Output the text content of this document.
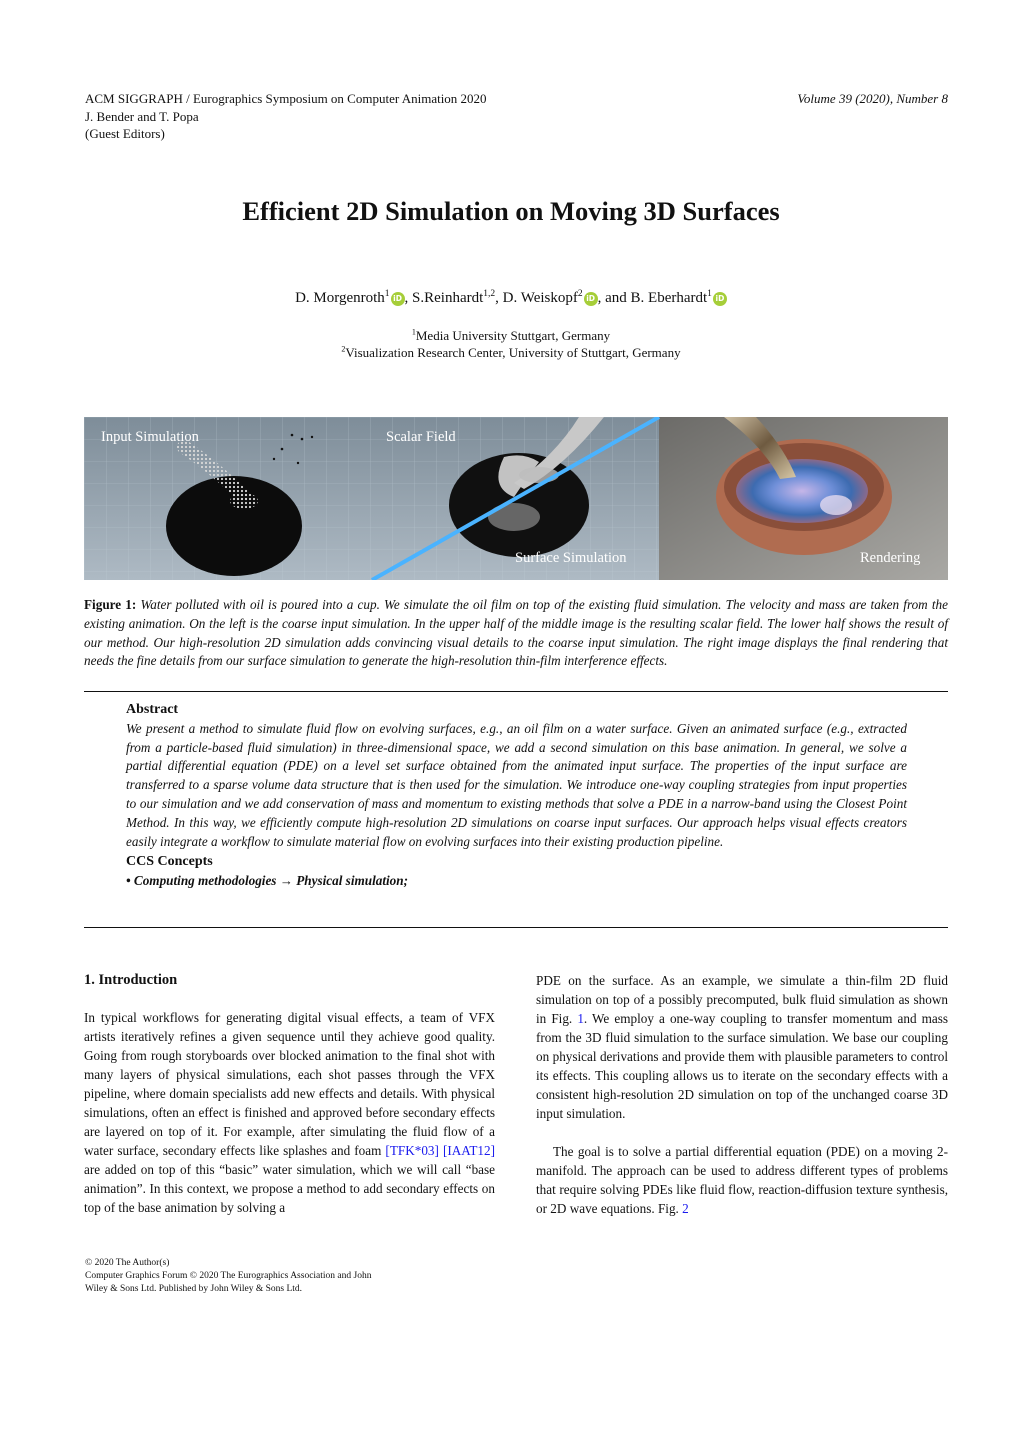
ACM SIGGRAPH / Eurographics Symposium on Computer Animation 2020
J. Bender and T. Popa
(Guest Editors)
Volume 39 (2020), Number 8
Efficient 2D Simulation on Moving 3D Surfaces
D. Morgenroth$^1$ iD , S.Reinhardt$^{1,2}$, D. Weiskopf$^2$ iD , and B. Eberhardt$^1$ iD
$^1$Media University Stuttgart, Germany
$^2$Visualization Research Center, University of Stuttgart, Germany
Input Simulation	Scalar Field
Surface Simulation	Rendering
Figure 1: Water polluted with oil is poured into a cup. We simulate the oil film on top of the existing fluid simulation. The velocity and mass are taken from the existing animation. On the left is the coarse input simulation. In the upper half of the middle image is the resulting scalar field. The lower half shows the result of our method. Our high-resolution 2D simulation adds convincing visual details to the coarse input simulation. The right image displays the final rendering that needs the fine details from our surface simulation to generate the high-resolution thin-film interference effects.
Abstract
We present a method to simulate fluid flow on evolving surfaces, e.g., an oil film on a water surface. Given an animated surface (e.g., extracted from a particle-based fluid simulation) in three-dimensional space, we add a second simulation on this base animation. In general, we solve a partial differential equation (PDE) on a level set surface obtained from the animated input surface. The properties of the input surface are transferred to a sparse volume data structure that is then used for the simulation. We introduce one-way coupling strategies from input properties to our simulation and we add conservation of mass and momentum to existing methods that solve a PDE in a narrow-band using the Closest Point Method. In this way, we efficiently compute high-resolution 2D simulations on coarse input surfaces. Our approach helps visual effects creators easily integrate a workflow to simulate material flow on evolving surfaces into their existing production pipeline.
CCS Concepts
• Computing methodologies → Physical simulation;
1. Introduction

In typical workflows for generating digital visual effects, a team of VFX artists iteratively refines a given sequence until they achieve good quality. Going from rough storyboards over blocked animation to the final shot with many layers of physical simulations, each shot passes through the VFX pipeline, where domain specialists add new effects and details. With physical simulations, often an effect is finished and approved before secondary effects are layered on top of it. For example, after simulating the fluid flow of a water surface, secondary effects like splashes and foam [TFK*03] [IAAT12] are added on top of this “basic” water simulation, which we will call “base animation”. In this context, we propose a method to add secondary effects on top of the base animation by solving a

PDE on the surface. As an example, we simulate a thin-film 2D fluid simulation on top of a possibly precomputed, bulk fluid simulation as shown in Fig. 1. We employ a one-way coupling to transfer momentum and mass from the 3D fluid simulation to the surface simulation. We base our coupling on physical derivations and provide them with plausible parameters to control its effects. This coupling allows us to iterate on the secondary effects with a consistent high-resolution 2D simulation on top of the unchanged coarse 3D input simulation.

The goal is to solve a partial differential equation (PDE) on a moving 2-manifold. The approach can be used to address different types of problems that require solving PDEs like fluid flow, reaction-diffusion texture synthesis, or 2D wave equations. Fig. 2

© 2020 The Author(s)
Computer Graphics Forum © 2020 The Eurographics Association and John
Wiley & Sons Ltd. Published by John Wiley & Sons Ltd.
